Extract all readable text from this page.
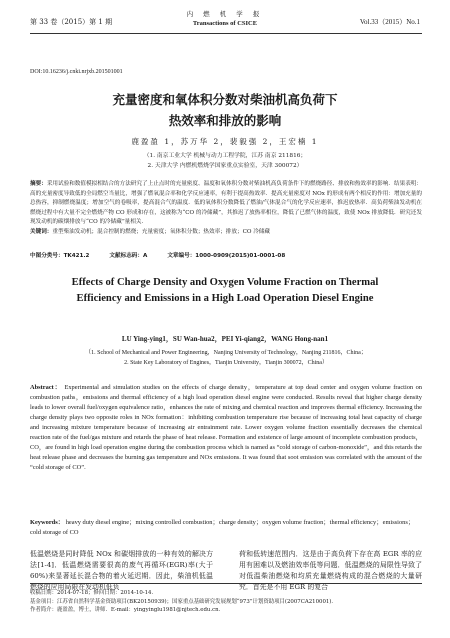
第 33 卷（2015）第 1 期
内 燃 机 学 报
Transactions of CSICE	Vol.33（2015）No.1
DOI:10.16236/j.cnki.nrjxb.201501001
充量密度和氧体积分数对柴油机高负荷下
热效率和排放的影响
鹿盈盈 1，苏万华 2，裴毅强 2，王宏楠 1
（1. 南京工业大学 机械与动力工程学院，江苏 南京 211816；
2. 天津大学 内燃机燃烧学国家重点实验室，天津 300072）
摘要：采用试验和数值模拟相结合的方法研究了上止点时的充量密度、温度和氧体积分数对柴油机高负荷条件下的燃烧路径、排放和热效率的影响．结果表明：高的充量密度导致低的全局燃空当量比，增强了燃氧混合率和化学反应速率，有利于提高热效率．提高充量密度对 NOx 的形成有两个相反的作用：增加充量的总热容，抑制燃烧温度；增加空气的卷吸率，提高混合气的温度．低的氧体积分数降低了燃油/气体混合气的化学反应速率，推迟放热率．高负荷柴油发动机在燃烧过程中有大量不完全燃烧产物 CO 形成和存在，这被称为“CO 的冷储藏”，其推迟了放热率相位，降低了已燃气体的温度，致使 NOx 排放降低．研究还发现发动机的碳烟排放与“CO 的冷储藏”量相关．
关键词：重型柴油发动机；混合控制的燃烧；充量密度；氧体积分数；热效率；排放；CO 冷储藏
中图分类号：TK421.2	文献标志码：A	文章编号：1000-0909(2015)01-0001-08
Effects of Charge Density and Oxygen Volume Fraction on Thermal
Efficiency and Emissions in a High Load Operation Diesel Engine
LU Ying-ying1，SU Wan-hua2，PEI Yi-qiang2，WANG Hong-nan1
（1. School of Mechanical and Power Engineering，Nanjing University of Technology，Nanjing 211816，China；
2. State Key Laboratory of Engines，Tianjin University，Tianjin 300072，China）
Abstract： Experimental and simulation studies on the effects of charge density，temperature at top dead center and oxygen volume fraction on combustion paths，emissions and thermal efficiency of a high load operation diesel engine were conducted. Results reveal that higher charge density leads to lower overall fuel/oxygen equivalence ratio，enhances the rate of mixing and chemical reaction and improves thermal efficiency. Increasing the charge density plays two opposite roles in NOx formation：inhibiting combustion temperature rise because of increasing total heat capacity of charge and increasing mixture temperature because of increasing air entrainment rate. Lower oxygen volume fraction essentially decreases the chemical reaction rate of the fuel/gas mixture and retards the phase of heat release. Formation and existence of large amount of incomplete combustion products，CO，are found in high load operation engine during the combustion process which is named as “cold storage of carbon-monoxide”，and this retards the heat release phase and decreases the burning gas temperature and NOx emissions. It was found that soot emission was correlated with the amount of the “cold storage of CO”.
Keywords： heavy duty diesel engine；mixing controlled combustion；charge density；oxygen volume fraction；thermal efficiency；emissions；cold storage of CO
低温燃烧是同时降低 NOx 和碳烟排放的一种有效的解决方法[1-4]．低温燃烧需要很高的废气再循环(EGR)率(大于 60%)来显著延长混合物的着火延迟期．因此，柴油机低温燃烧的应用局限在发动机低负
荷和低转速范围内．这是由于高负荷下存在高 EGR 率的应用有困难以及燃油效率低等问题．低温燃烧的局限性导致了对低温柴油燃烧和均质充量燃烧构成的混合燃烧的大量研究．首先是不用 EGR 的复合
收稿日期：2014-07-18；修回日期：2014-10-14．
基金项目：江苏省自然科学基金资助项目(BK20150939)；国家重点基础研究发展规划“973”计划资助项目(2007CA210001)．
作者简介：鹿盈盈，博士，讲师．E-mail：yingyinglu1981@njtech.edu.cn．
